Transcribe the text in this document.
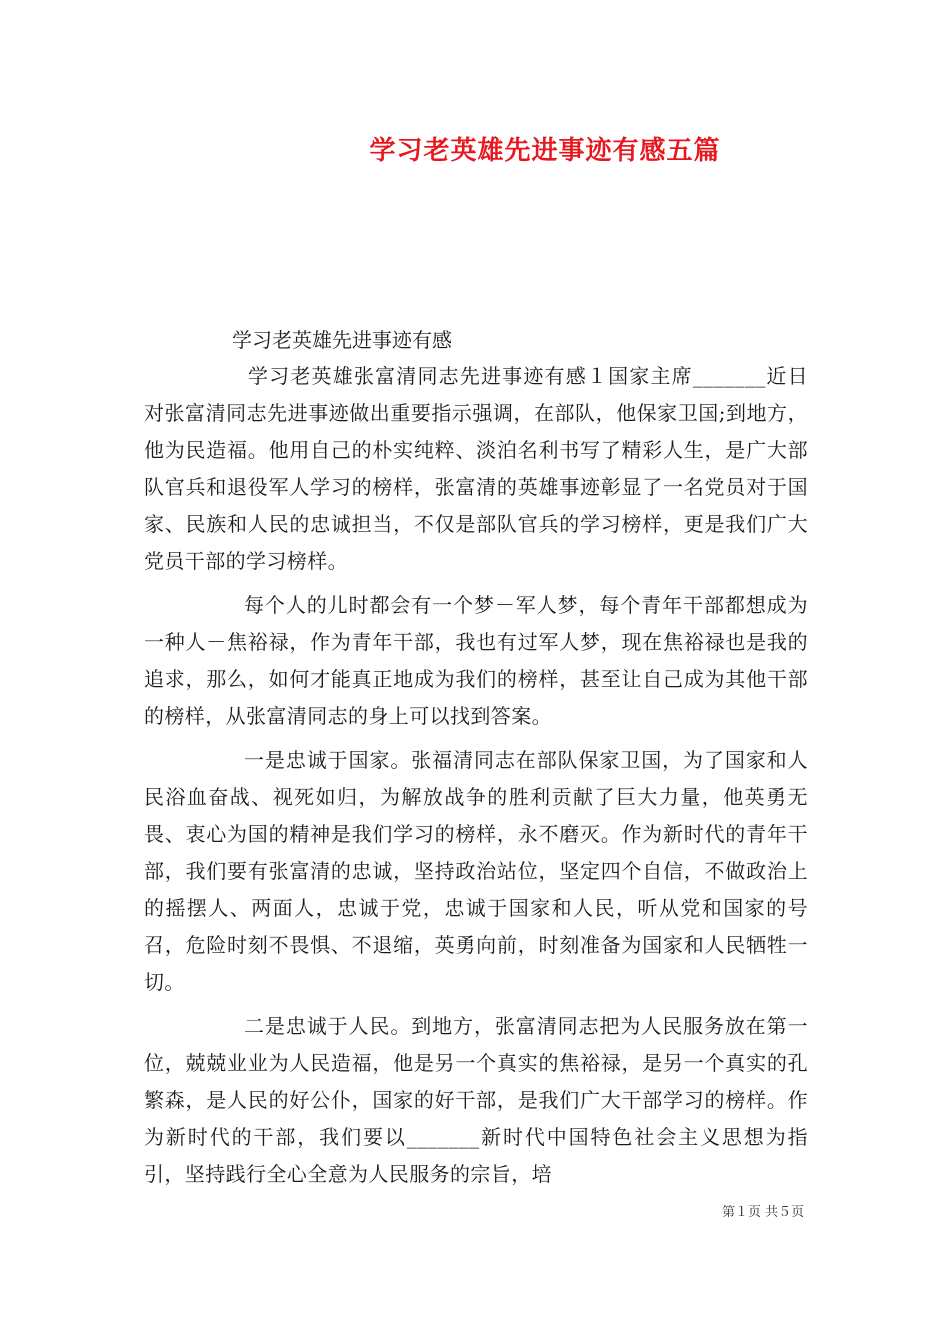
学习老英雄先进事迹有感五篇

学习老英雄先进事迹有感

学习老英雄张富清同志先进事迹有感１国家主席_______近日对张富清同志先进事迹做出重要指示强调，在部队，他保家卫国;到地方，他为民造福。他用自己的朴实纯粹、淡泊名利书写了精彩人生，是广大部队官兵和退役军人学习的榜样，张富清的英雄事迹彰显了一名党员对于国家、民族和人民的忠诚担当，不仅是部队官兵的学习榜样，更是我们广大党员干部的学习榜样。

每个人的儿时都会有一个梦－军人梦，每个青年干部都想成为一种人－焦裕禄，作为青年干部，我也有过军人梦，现在焦裕禄也是我的追求，那么，如何才能真正地成为我们的榜样，甚至让自己成为其他干部的榜样，从张富清同志的身上可以找到答案。

一是忠诚于国家。张福清同志在部队保家卫国，为了国家和人民浴血奋战、视死如归，为解放战争的胜利贡献了巨大力量，他英勇无畏、衷心为国的精神是我们学习的榜样，永不磨灭。作为新时代的青年干部，我们要有张富清的忠诚，坚持政治站位，坚定四个自信，不做政治上的摇摆人、两面人，忠诚于党，忠诚于国家和人民，听从党和国家的号召，危险时刻不畏惧、不退缩，英勇向前，时刻准备为国家和人民牺牲一切。

二是忠诚于人民。到地方，张富清同志把为人民服务放在第一位，兢兢业业为人民造福，他是另一个真实的焦裕禄，是另一个真实的孔繁森，是人民的好公仆，国家的好干部，是我们广大干部学习的榜样。作为新时代的干部，我们要以_______新时代中国特色社会主义思想为指引，坚持践行全心全意为人民服务的宗旨，培

第１页 共５页
